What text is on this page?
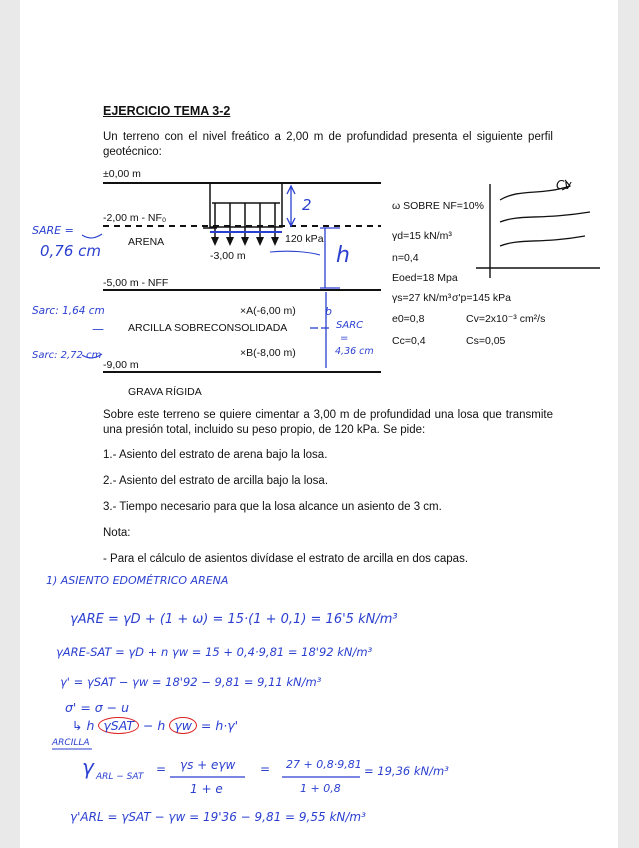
EJERCICIO TEMA 3-2
Un terreno con el nivel freático a 2,00 m de profundidad presenta el siguiente perfil geotécnico:
±0,00 m
-2,00 m - NF₀
ARENA	120 kPa
-3,00 m
-5,00 m - NFF
×A(-6,00 m)
ARCILLA SOBRECONSOLIDADA
×B(-8,00 m)
-9,00 m
GRAVA RÍGIDA
2
h
b
ω SOBRE NF=10%
γd=15 kN/m³
n=0,4
Eoed=18 Mpa
γs=27 kN/m³ σ'p=145 kPa
e0=0,8	Cv=2x10⁻³ cm²/s
Cc=0,4	Cs=0,05
Sobre este terreno se quiere cimentar a 3,00 m de profundidad una losa que transmite una presión total, incluido su peso propio, de 120 kPa. Se pide:
1.- Asiento del estrato de arena bajo la losa.
2.- Asiento del estrato de arcilla bajo la losa.
3.- Tiempo necesario para que la losa alcance un asiento de 3 cm.
Nota:
- Para el cálculo de asientos divídase el estrato de arcilla en dos capas.
SARE =
0,76 cm
Sarc: 1,64 cm
—
Sarc: 2,72 cm
SARC
=
4,36 cm
Cv
1) ASIENTO EDOMÉTRICO ARENA
γARE = γD + (1 + ω) = 15·(1 + 0,1) = 16'5 kN/m³
γARE-SAT = γD + n γw = 15 + 0,4·9,81 = 18'92 kN/m³
γ' = γSAT − γw = 18'92 − 9,81 = 9,11 kN/m³
σ' = σ − u
↳ h γSAT − h γw = h·γ'
ARCILLA
γ ARL − SAT
= γs + eγw
1 + e
= 27 + 0,8·9,81
1 + 0,8
= 19,36 kN/m³
γ'ARL = γSAT − γw = 19'36 − 9,81 = 9,55 kN/m³
